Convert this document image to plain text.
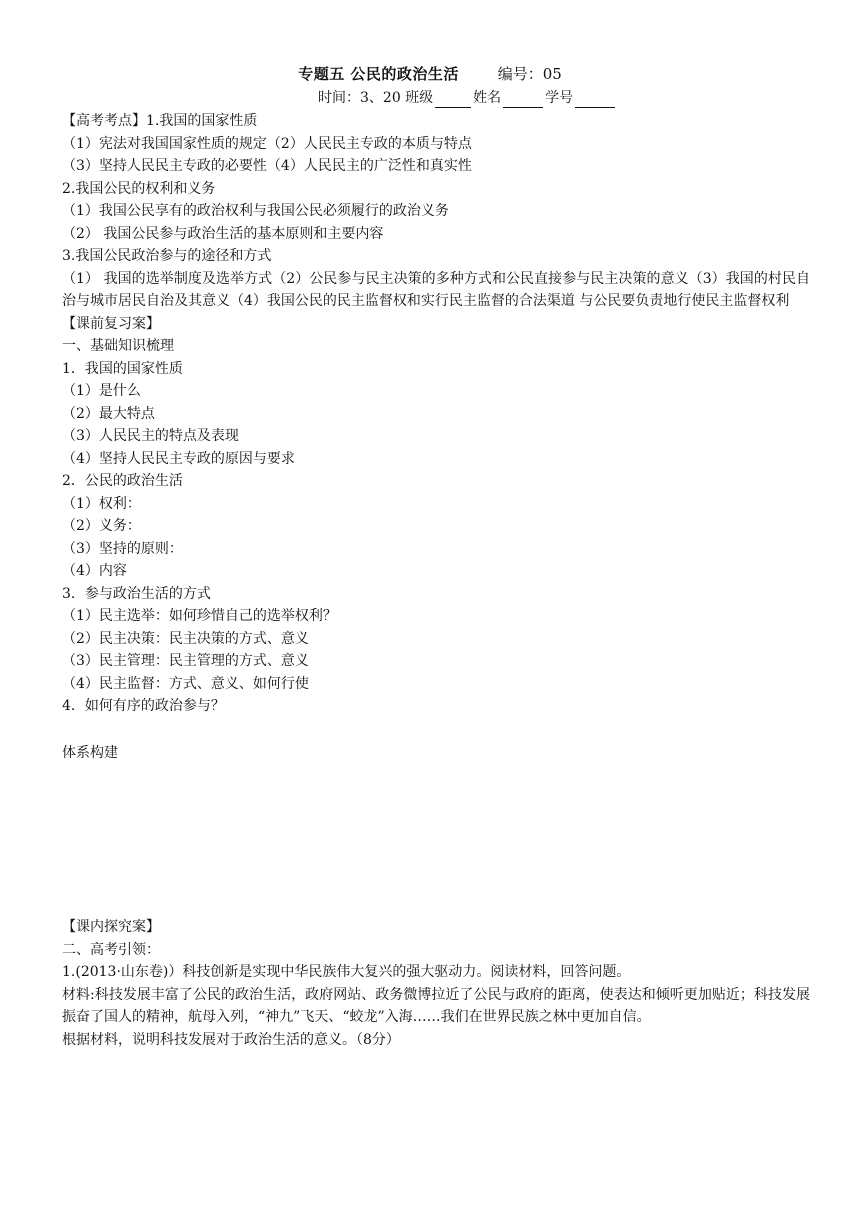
专题五 公民的政治生活	编号：05
时间：3、20 班级	姓名	学号
【高考考点】1.我国的国家性质
（1）宪法对我国国家性质的规定（2）人民民主专政的本质与特点
（3）坚持人民民主专政的必要性（4）人民民主的广泛性和真实性
2.我国公民的权利和义务
（1）我国公民享有的政治权利与我国公民必须履行的政治义务
（2） 我国公民参与政治生活的基本原则和主要内容
3.我国公民政治参与的途径和方式
（1） 我国的选举制度及选举方式（2）公民参与民主决策的多种方式和公民直接参与民主决策的意义（3）我国的村民自治与城市居民自治及其意义（4）我国公民的民主监督权和实行民主监督的合法渠道 与公民要负责地行使民主监督权利
【课前复习案】
一、基础知识梳理
1．我国的国家性质
（1）是什么
（2）最大特点
（3）人民民主的特点及表现
（4）坚持人民民主专政的原因与要求
2．公民的政治生活
（1）权利：
（2）义务：
（3）坚持的原则：
（4）内容
3．参与政治生活的方式
（1）民主选举：如何珍惜自己的选举权利？
（2）民主决策：民主决策的方式、意义
（3）民主管理：民主管理的方式、意义
（4）民主监督：方式、意义、如何行使
4．如何有序的政治参与？
体系构建
【课内探究案】
二、高考引领：
1.(2013·山东卷)）科技创新是实现中华民族伟大复兴的强大驱动力。阅读材料，回答问题。
材料:科技发展丰富了公民的政治生活，政府网站、政务微博拉近了公民与政府的距离，使表达和倾听更加贴近；科技发展振奋了国人的精神，航母入列，“神九”飞天、“蛟龙”入海……我们在世界民族之林中更加自信。
根据材料，说明科技发展对于政治生活的意义。（8分）
